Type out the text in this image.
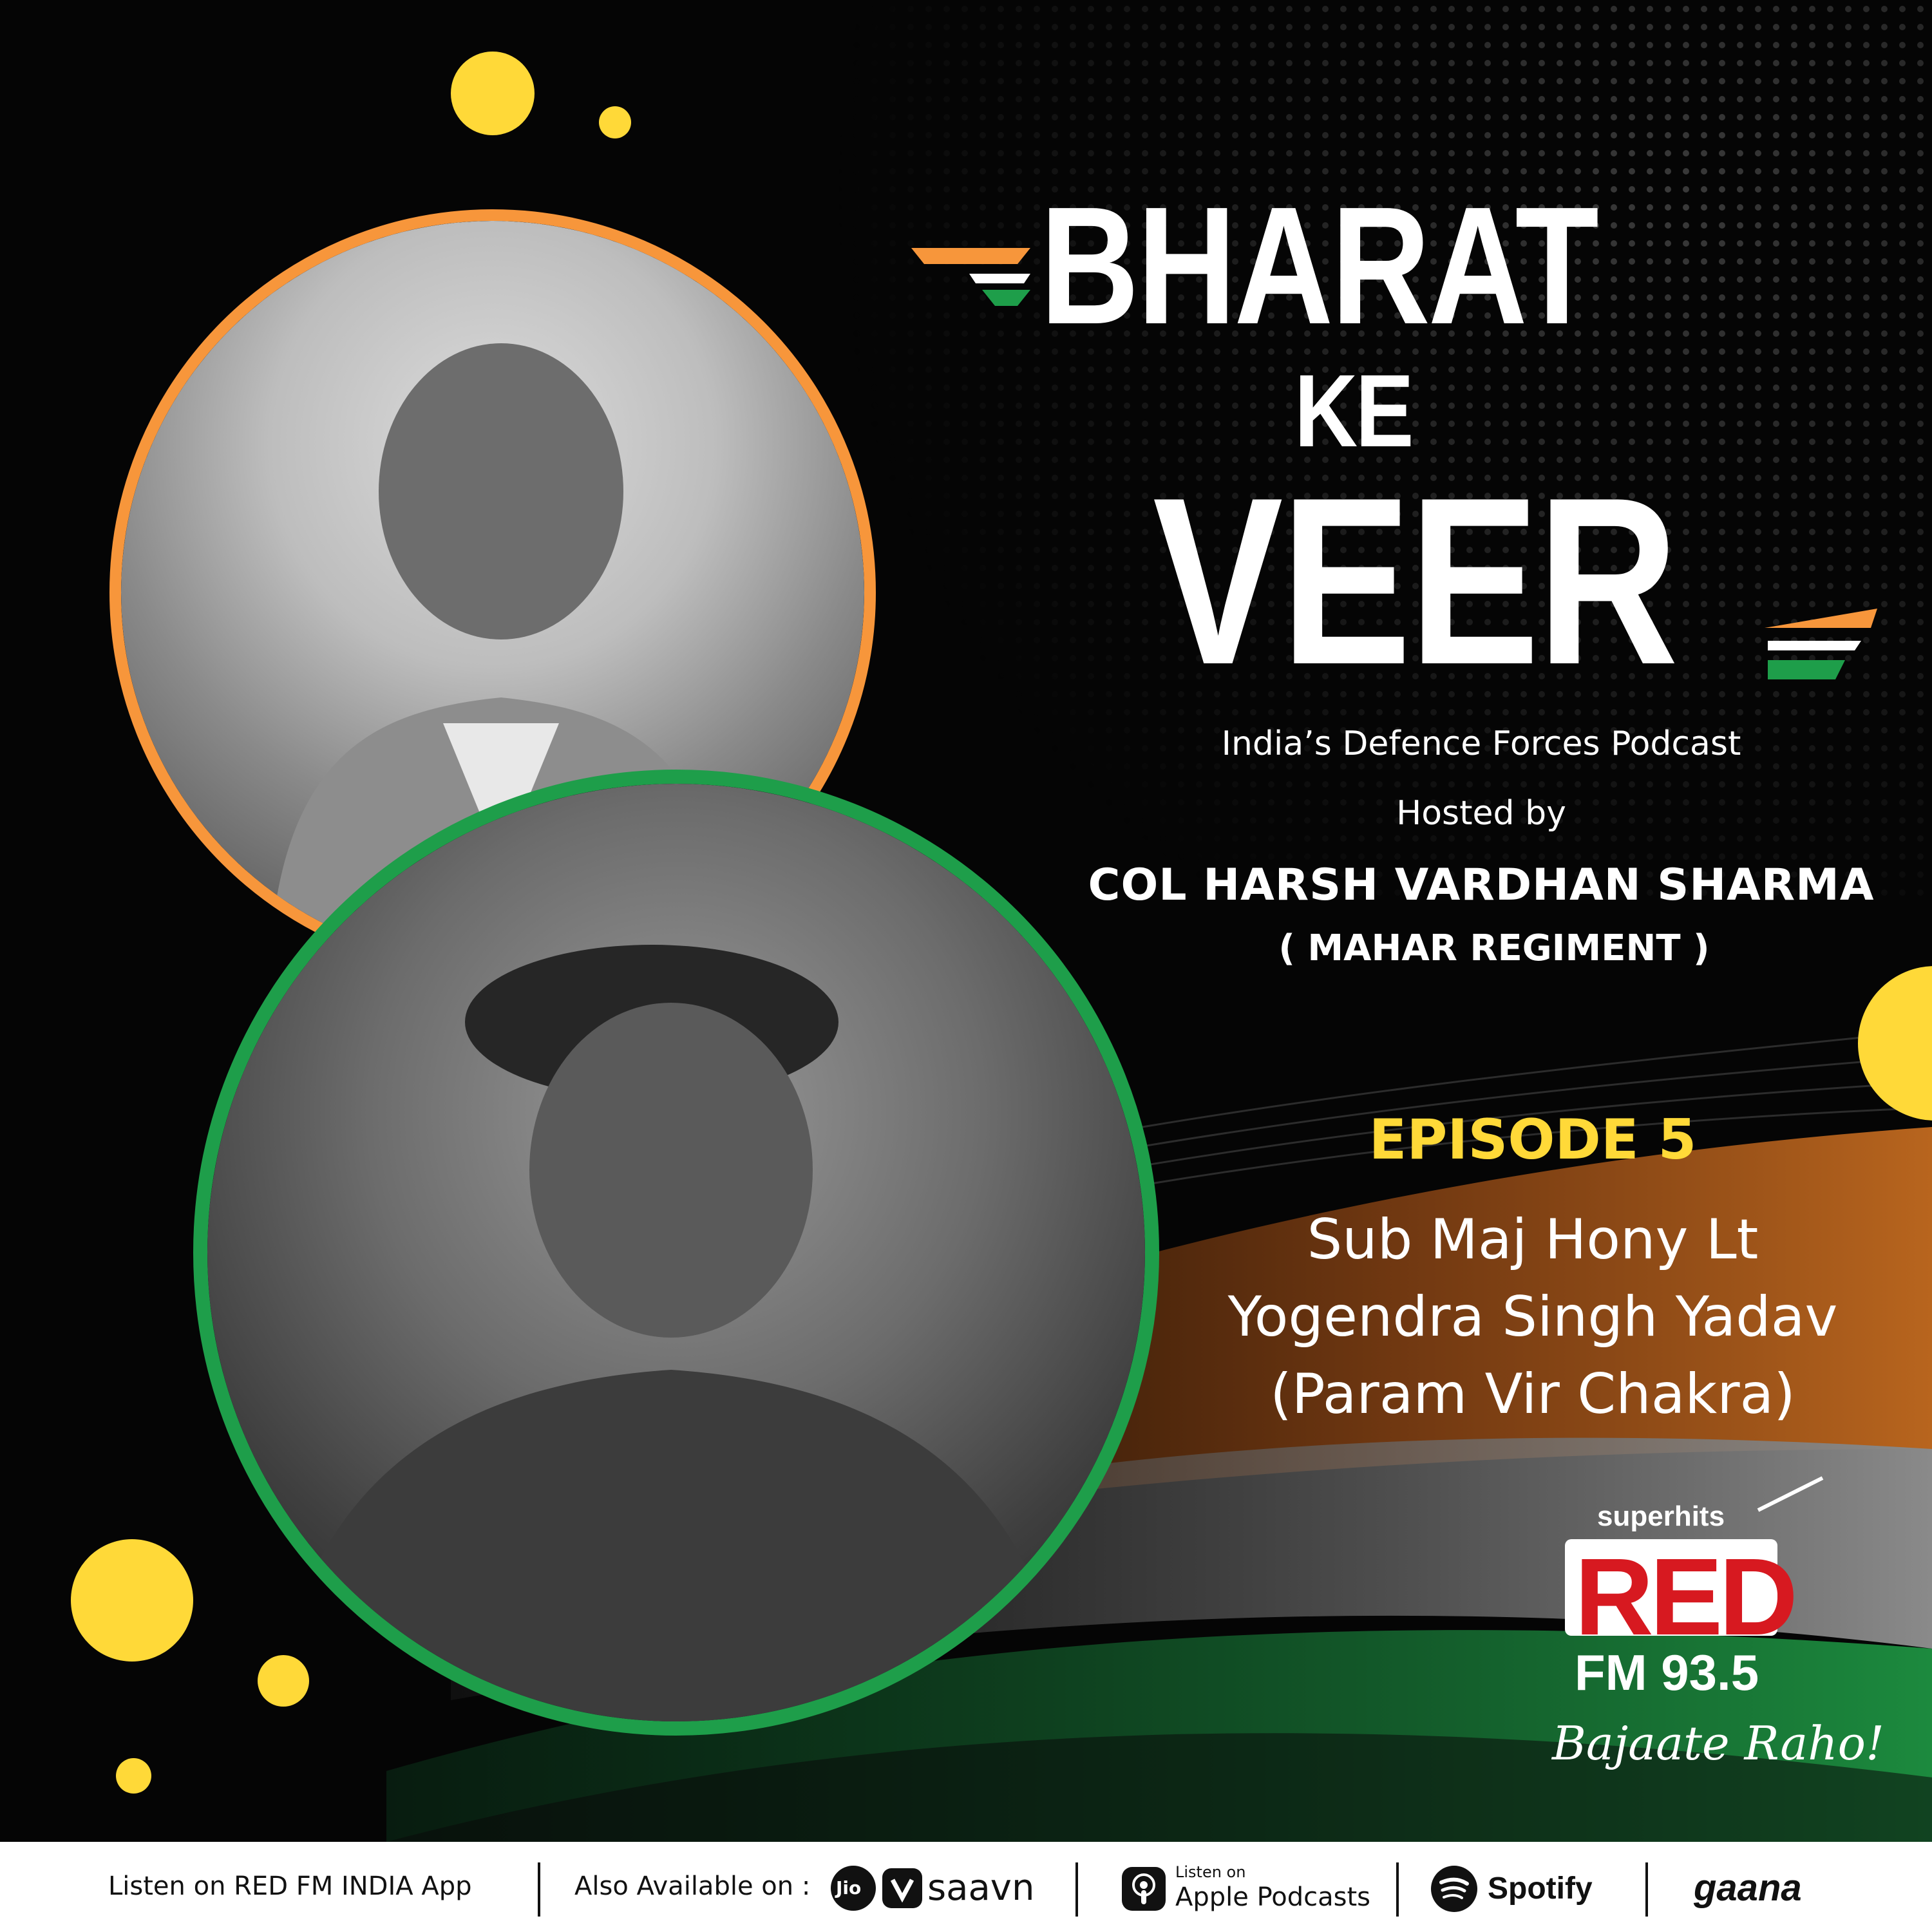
BHARAT
KE
VEER
India’s Defence Forces Podcast
Hosted by
COL HARSH VARDHAN SHARMA
( MAHAR REGIMENT )
EPISODE 5
Sub Maj Hony Lt
Yogendra Singh Yadav
(Param Vir Chakra)
superhits
RED
FM 93.5
Bajaate Raho!
Listen on RED FM INDIA App	Also Available on : Jio saavn	Listen on
Apple Podcasts	Spotify	gaana
